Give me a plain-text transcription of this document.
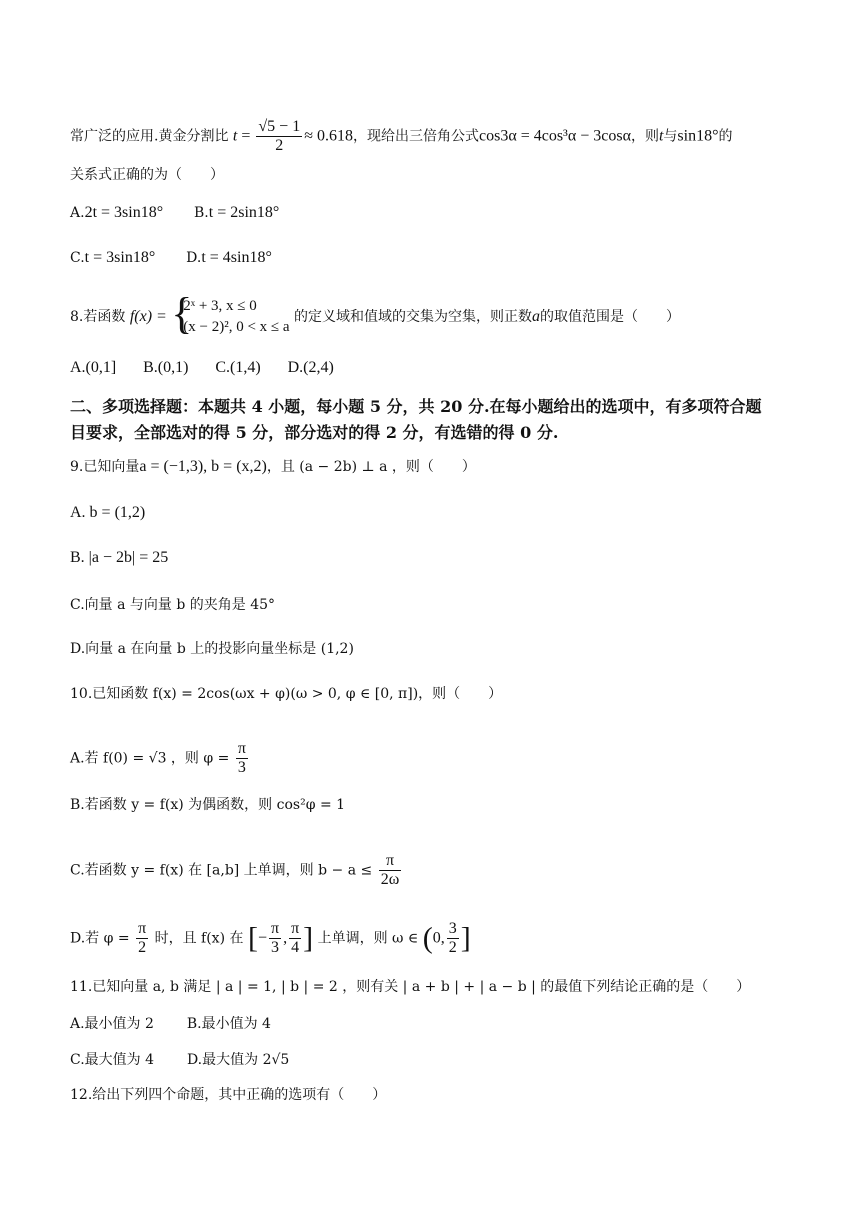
常广泛的应用.黄金分割比 $t = \frac{√5 - 1}{2} \approx 0.618$，现给出三倍角公式cos3α = 4cos³α − 3cosα，则t与sin18°的
关系式正确的为（　　）
A.2t = 3sin18° B.t = 2sin18°
C.t = 3sin18° D.t = 4sin18°
8.若函数 f(x) = {
2ˣ + 3, x ≤ 0
(x − 2)², 0 < x ≤ a
的定义域和值域的交集为空集，则正数a的取值范围是（　　）
A.(0,1] B.(0,1) C.(1,4) D.(2,4)
二、多项选择题：本题共 4 小题，每小题 5 分，共 20 分.在每小题给出的选项中，有多项符合题
目要求，全部选对的得 5 分，部分选对的得 2 分，有选错的得 0 分.
9.已知向量a = (−1,3), b = (x,2)，且 (a − 2b) ⊥ a ，则（　　）
A. b = (1,2)
B. |a − 2b| = 25
C.向量 a 与向量 b 的夹角是 45°
D.向量 a 在向量 b 上的投影向量坐标是 (1,2)
10.已知函数 f(x) = 2cos(ωx + φ)(ω > 0, φ ∈ [0, π])，则（　　）
A.若 f(0) = √3 ，则 $\varphi = \frac{\pi}{3}$
B.若函数 y = f(x) 为偶函数，则 cos²φ = 1
C.若函数 y = f(x) 在 [a,b] 上单调，则 $b - a \le \frac{\pi}{2\omega}$
D.若 $\varphi = \frac{\pi}{2}$ 时，且 f(x) 在 [− $\frac{\pi}{3}$ , $\frac{\pi}{4}$ ] 上单调，则 ω ∈ (0, $\frac{3}{2}$ ]
11.已知向量 a, b 满足 | a | = 1, | b | = 2 ，则有关 | a + b | + | a − b | 的最值下列结论正确的是（　　）
A.最小值为 2 B.最小值为 4
C.最大值为 4 D.最大值为 2√5
12.给出下列四个命题，其中正确的选项有（　　）
